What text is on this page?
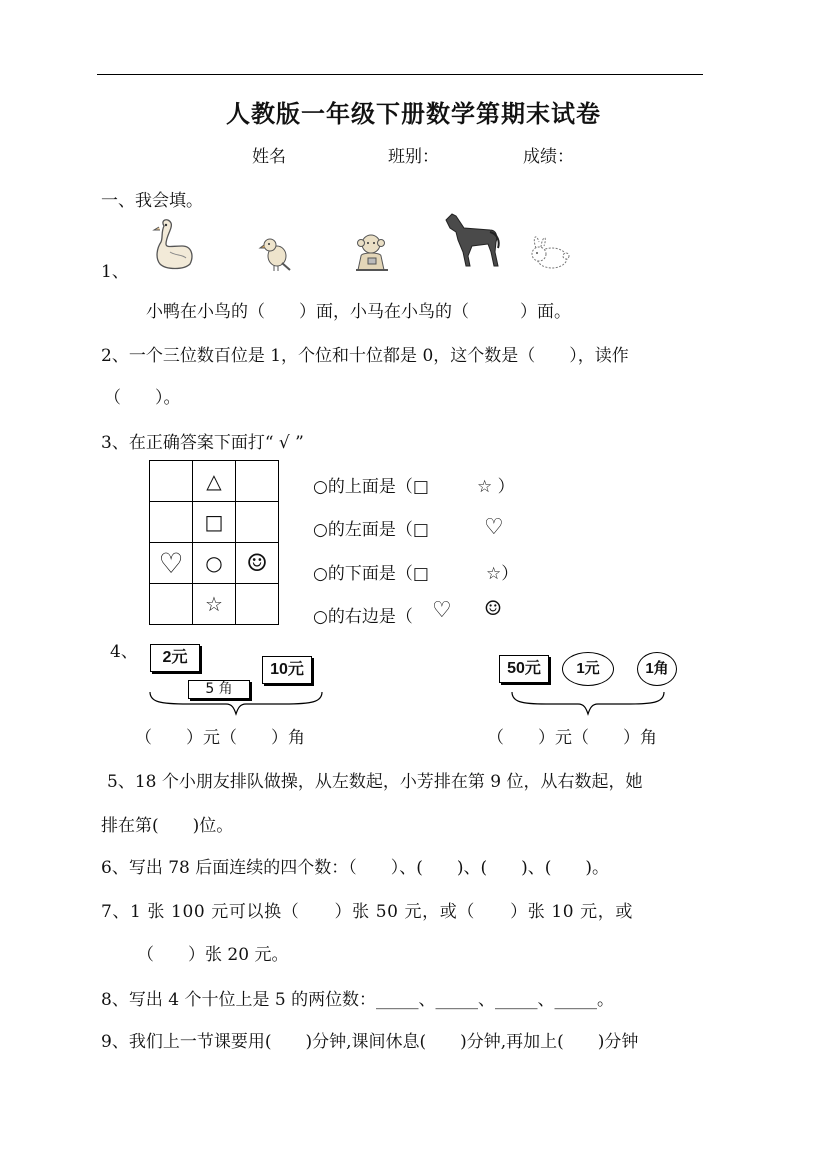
人教版一年级下册数学第期末试卷
姓名	班别：	成绩：
一、我会填。
1、
小鸭在小鸟的（　　）面，小马在小鸟的（　　　）面。
2、一个三位数百位是 1，个位和十位都是 0，这个数是（　　），读作
（　　）。
3、在正确答案下面打“ √ ”
	△	
	□	
♡	○	☺
	☆	
○的上面是（□	☆ ）
○的左面是（□	♡
○的下面是（□	☆）
○的右边是（ ♡ ☺
4、	2元
10元
5 角
（　　）元（　　）角
50元	1元	1角
（　　）元（　　）角
5、18 个小朋友排队做操，从左数起，小芳排在第 9 位，从右数起，她
排在第(　　)位。
6、写出 78 后面连续的四个数：（　　）、(　　)、(　　)、(　　)。
7、1 张 100 元可以换（　　）张 50 元，或（　　）张 10 元，或
（　　）张 20 元。
8、写出 4 个十位上是 5 的两位数：_____、_____、_____、_____。
9、我们上一节课要用(　　)分钟,课间休息(　　)分钟,再加上(　　)分钟
